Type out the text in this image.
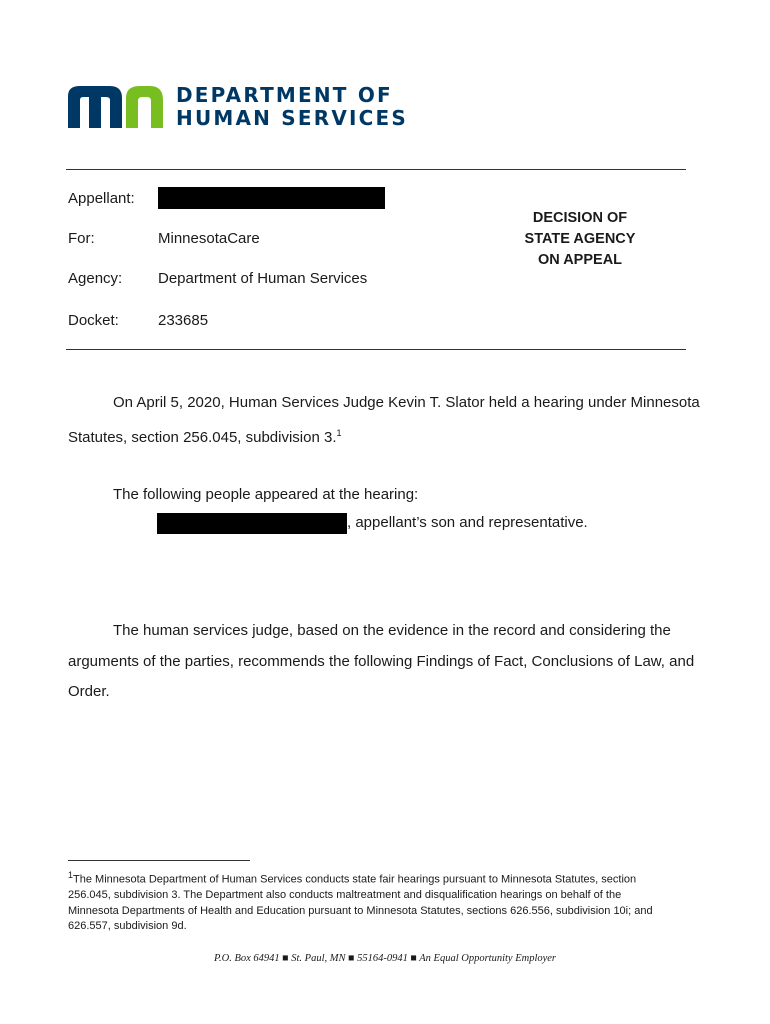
DEPARTMENT OF
HUMAN SERVICES
Appellant:
For:	MinnesotaCare
Agency: Department of Human Services
Docket:	233685
DECISION OF
STATE AGENCY
ON APPEAL
On April 5, 2020, Human Services Judge Kevin T. Slator held a hearing under Minnesota
Statutes, section 256.045, subdivision 3.$^1$
The following people appeared at the hearing:
, appellant’s son and representative.
The human services judge, based on the evidence in the record and considering the
arguments of the parties, recommends the following Findings of Fact, Conclusions of Law, and
Order.
$^1$The Minnesota Department of Human Services conducts state fair hearings pursuant to Minnesota Statutes, section
256.045, subdivision 3. The Department also conducts maltreatment and disqualification hearings on behalf of the
Minnesota Departments of Health and Education pursuant to Minnesota Statutes, sections 626.556, subdivision 10i; and
626.557, subdivision 9d.
P.O. Box 64941 ■ St. Paul, MN ■ 55164-0941 ■ An Equal Opportunity Employer
